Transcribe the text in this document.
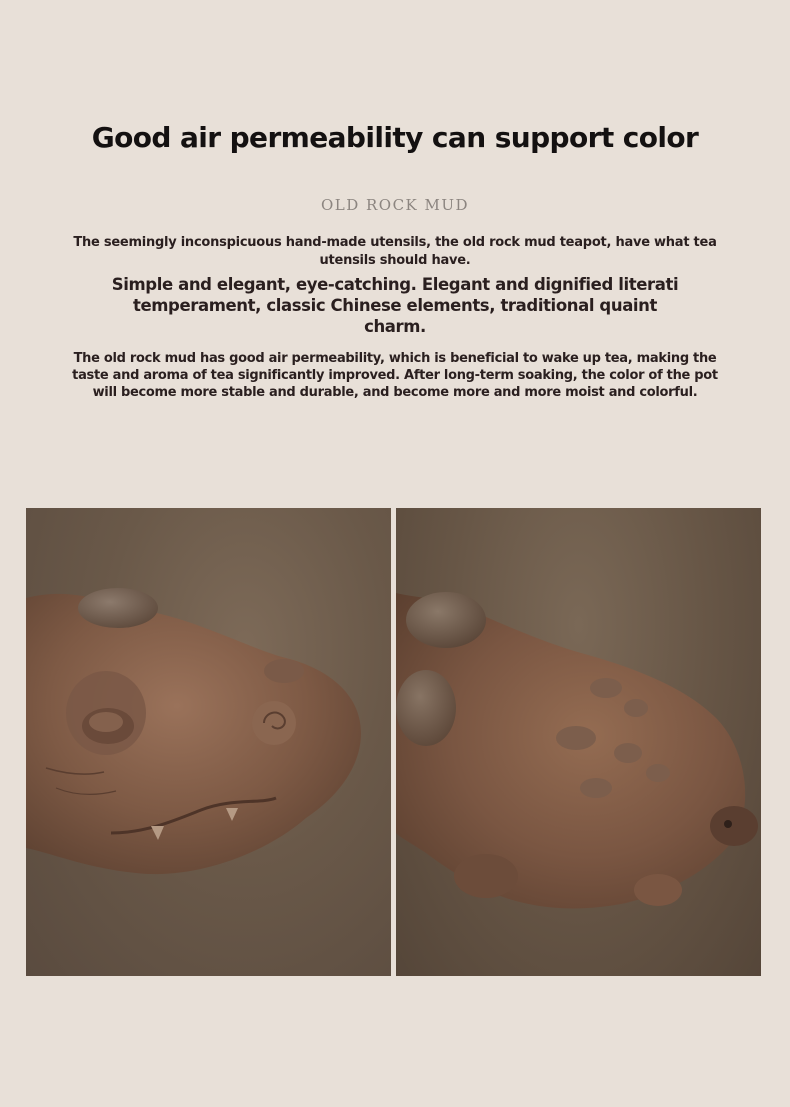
Good air permeability can support color
OLD ROCK MUD
The seemingly inconspicuous hand-made utensils, the old rock mud teapot, have what tea utensils should have.
Simple and elegant, eye-catching. Elegant and dignified literati temperament, classic Chinese elements, traditional quaint charm.
The old rock mud has good air permeability, which is beneficial to wake up tea, making the taste and aroma of tea significantly improved. After long-term soaking, the color of the pot will become more stable and durable, and become more and more moist and colorful.
